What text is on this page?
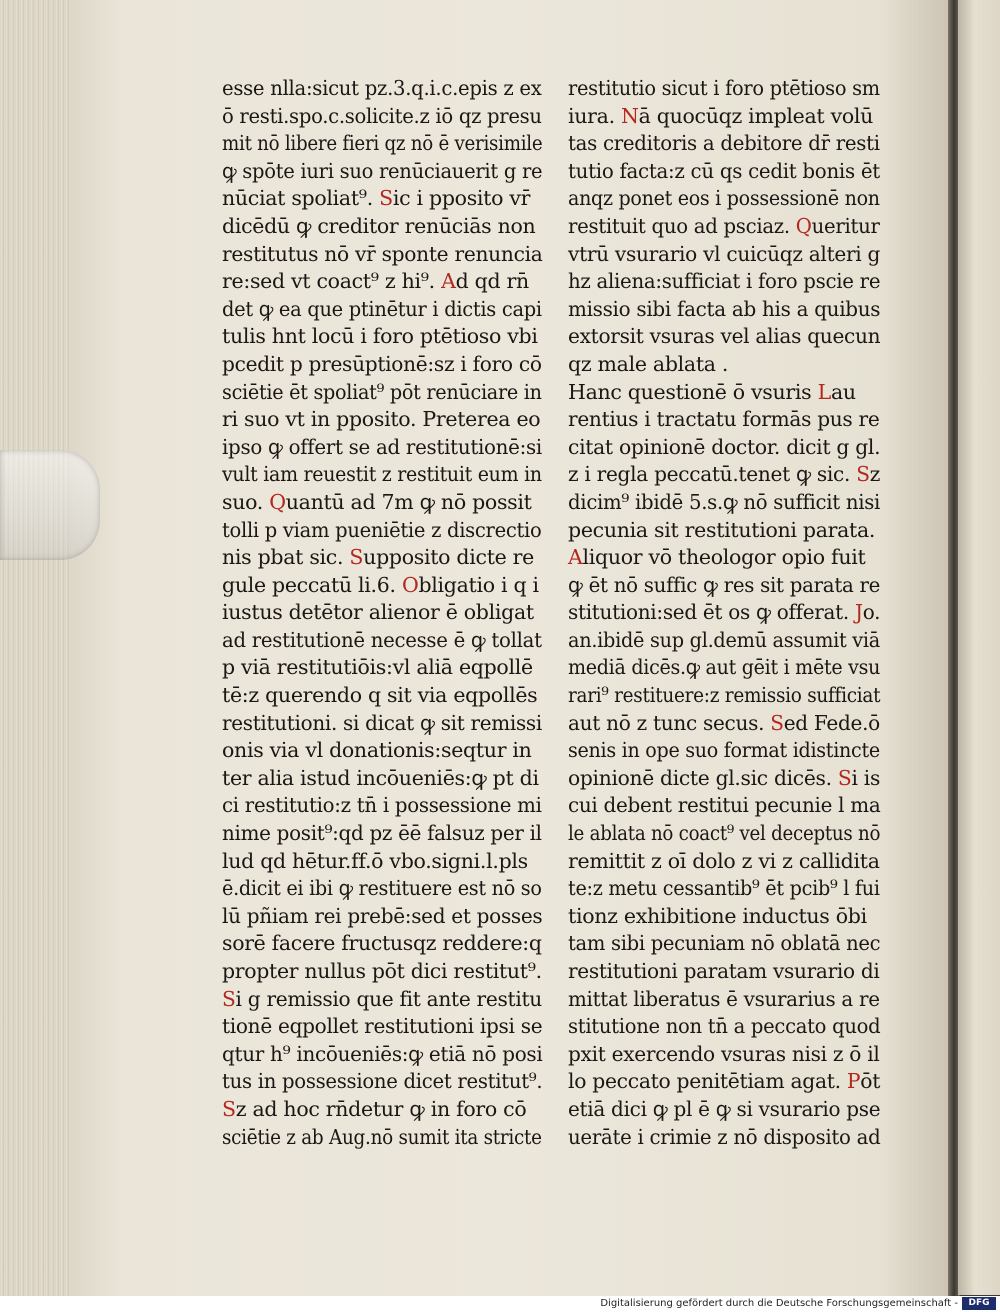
esse nlla:sicut pz.3.q.i.c.epis z ex
ō resti.spo.c.solicite.z iō qz presu
mit nō libere fieri qz nō ē verisimile
ꝙ spōte iuri suo renūciauerit g re
nūciat spoliat⁹. Sic i pposito vr̄
dicēdū ꝙ creditor renūciās non
restitutus nō vr̄ sponte renuncia
re:sed vt coact⁹ z hi⁹. Ad qd rn̄
det ꝙ ea que ptinētur i dictis capi
tulis hnt locū i foro ptētioso vbi
pcedit p presūptionē:sz i foro cō
sciētie ēt spoliat⁹ pōt renūciare in
ri suo vt in pposito. Preterea eo
ipso ꝙ offert se ad restitutionē:si
vult iam reuestit z restituit eum in
suo. Quantū ad 7m ꝙ nō possit
tolli p viam pueniētie z discrectio
nis pbat sic. Supposito dicte re
gule peccatū li.6. Obligatio i q i
iustus detētor alienor ē obligat
ad restitutionē necesse ē ꝙ tollat
p viā restitutiōis:vl aliā eqpollē
tē:z querendo q sit via eqpollēs
restitutioni. si dicat ꝙ sit remissi
onis via vl donationis:seqtur in
ter alia istud incōueniēs:ꝙ pt di
ci restitutio:z tn̄ i possessione mi
nime posit⁹:qd pz ēē falsuz per il
lud qd hētur.ff.ō vbo.signi.l.pls
ē.dicit ei ibi ꝙ restituere est nō so
lū pñiam rei prebē:sed et posses
sorē facere fructusqz reddere:q
propter nullus pōt dici restitut⁹.
Si g remissio que fit ante restitu
tionē eqpollet restitutioni ipsi se
qtur h⁹ incōueniēs:ꝙ etiā nō posi
tus in possessione dicet restitut⁹.
Sz ad hoc rn̄detur ꝙ in foro cō
sciētie z ab Aug.nō sumit ita stricte
restitutio sicut i foro ptētioso sm
iura. Nā quocūqz impleat volū
tas creditoris a debitore dr̄ resti
tutio facta:z cū qs cedit bonis ēt
anqz ponet eos i possessionē non
restituit quo ad psciaz. Queritur
vtrū vsurario vl cuicūqz alteri g
hz aliena:sufficiat i foro pscie re
missio sibi facta ab his a quibus
extorsit vsuras vel alias quecun
qz male ablata .
Hanc questionē ō vsuris Lau
rentius i tractatu formās pus re
citat opinionē doctor. dicit g gl.
z i regla peccatū.tenet ꝙ sic. Sz
dicim⁹ ibidē 5.s.ꝙ nō sufficit nisi
pecunia sit restitutioni parata.
Aliquor vō theologor opio fuit
ꝙ ēt nō suffic ꝙ res sit parata re
stitutioni:sed ēt os ꝙ offerat. Jo.
an.ibidē sup gl.demū assumit viā
mediā dicēs.ꝙ aut gēit i mēte vsu
rari⁹ restituere:z remissio sufficiat
aut nō z tunc secus. Sed Fede.ō
senis in ope suo format idistincte
opinionē dicte gl.sic dicēs. Si is
cui debent restitui pecunie l ma
le ablata nō coact⁹ vel deceptus nō
remittit z oī dolo z vi z callidita
te:z metu cessantib⁹ ēt pcib⁹ l fui
tionz exhibitione inductus ōbi
tam sibi pecuniam nō oblatā nec
restitutioni paratam vsurario di
mittat liberatus ē vsurarius a re
stitutione non tn̄ a peccato quod
pxit exercendo vsuras nisi z ō il
lo peccato penitētiam agat. Pōt
etiā dici ꝙ pl ē ꝙ si vsurario pse
uerāte i crimie z nō disposito ad
Digitalisierung gefördert durch die Deutsche Forschungsgemeinschaft -	DFG
